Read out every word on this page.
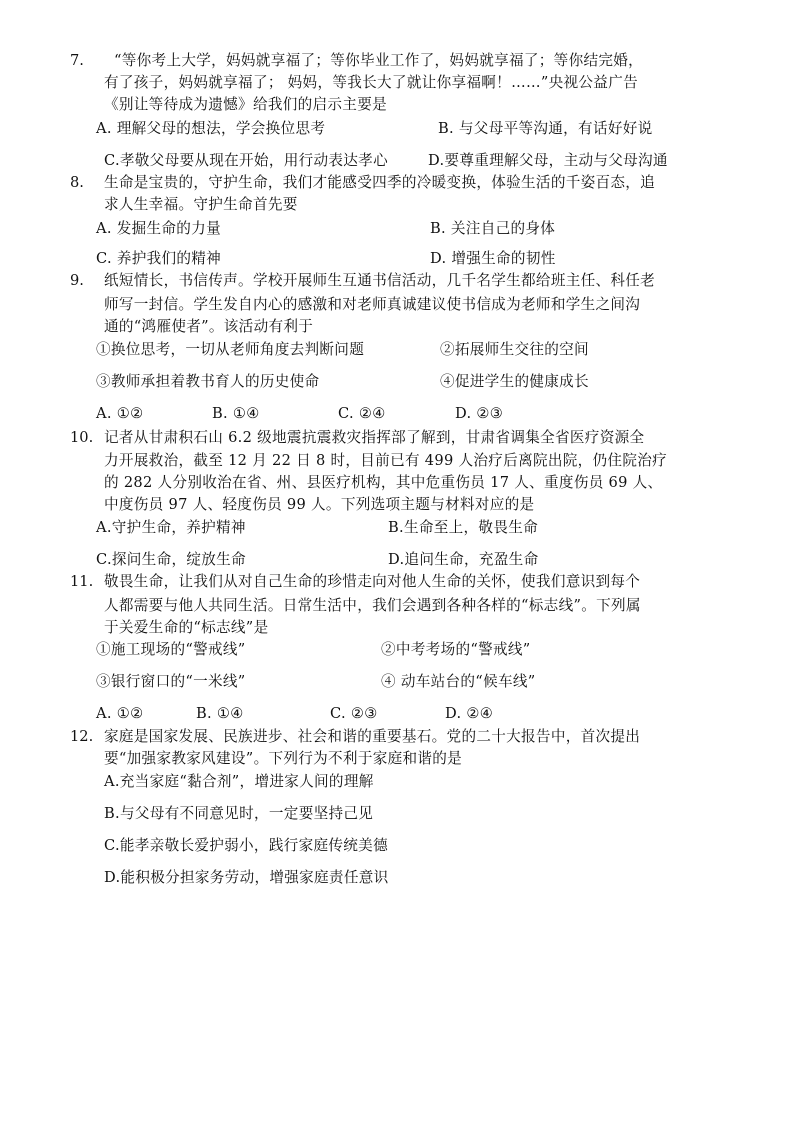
7. “等你考上大学，妈妈就享福了；等你毕业工作了，妈妈就享福了；等你结完婚，
有了孩子，妈妈就享福了； 妈妈，等我长大了就让你享福啊！……”央视公益广告
《别让等待成为遗憾》给我们的启示主要是
A. 理解父母的想法，学会换位思考	B. 与父母平等沟通，有话好好说
C.孝敬父母要从现在开始，用行动表达孝心	D.要尊重理解父母，主动与父母沟通
8. 生命是宝贵的，守护生命，我们才能感受四季的冷暖变换，体验生活的千姿百态，追
求人生幸福。守护生命首先要
A. 发掘生命的力量	B. 关注自己的身体
C. 养护我们的精神	D. 增强生命的韧性
9. 纸短情长，书信传声。学校开展师生互通书信活动，几千名学生都给班主任、科任老
师写一封信。学生发自内心的感激和对老师真诚建议使书信成为老师和学生之间沟
通的“鸿雁使者”。该活动有利于
①换位思考，一切从老师角度去判断问题	②拓展师生交往的空间
③教师承担着教书育人的历史使命	④促进学生的健康成长
A. ①②	B. ①④	C. ②④	D. ②③
10. 记者从甘肃积石山 6.2 级地震抗震救灾指挥部了解到，甘肃省调集全省医疗资源全
力开展救治，截至 12 月 22 日 8 时，目前已有 499 人治疗后离院出院，仍住院治疗
的 282 人分别收治在省、州、县医疗机构，其中危重伤员 17 人、重度伤员 69 人、
中度伤员 97 人、轻度伤员 99 人。下列选项主题与材料对应的是
A.守护生命，养护精神	B.生命至上，敬畏生命
C.探问生命，绽放生命	D.追问生命，充盈生命
11. 敬畏生命，让我们从对自己生命的珍惜走向对他人生命的关怀，使我们意识到每个
人都需要与他人共同生活。日常生活中，我们会遇到各种各样的“标志线”。下列属
于关爱生命的“标志线”是
①施工现场的“警戒线”	②中考考场的“警戒线”
③银行窗口的“一米线”	④ 动车站台的“候车线”
A. ①②	B. ①④	C. ②③	D. ②④
12. 家庭是国家发展、民族进步、社会和谐的重要基石。党的二十大报告中，首次提出
要“加强家教家风建设”。下列行为不利于家庭和谐的是
A.充当家庭“黏合剂”，增进家人间的理解
B.与父母有不同意见时，一定要坚持己见
C.能孝亲敬长爱护弱小，践行家庭传统美德
D.能积极分担家务劳动，增强家庭责任意识
